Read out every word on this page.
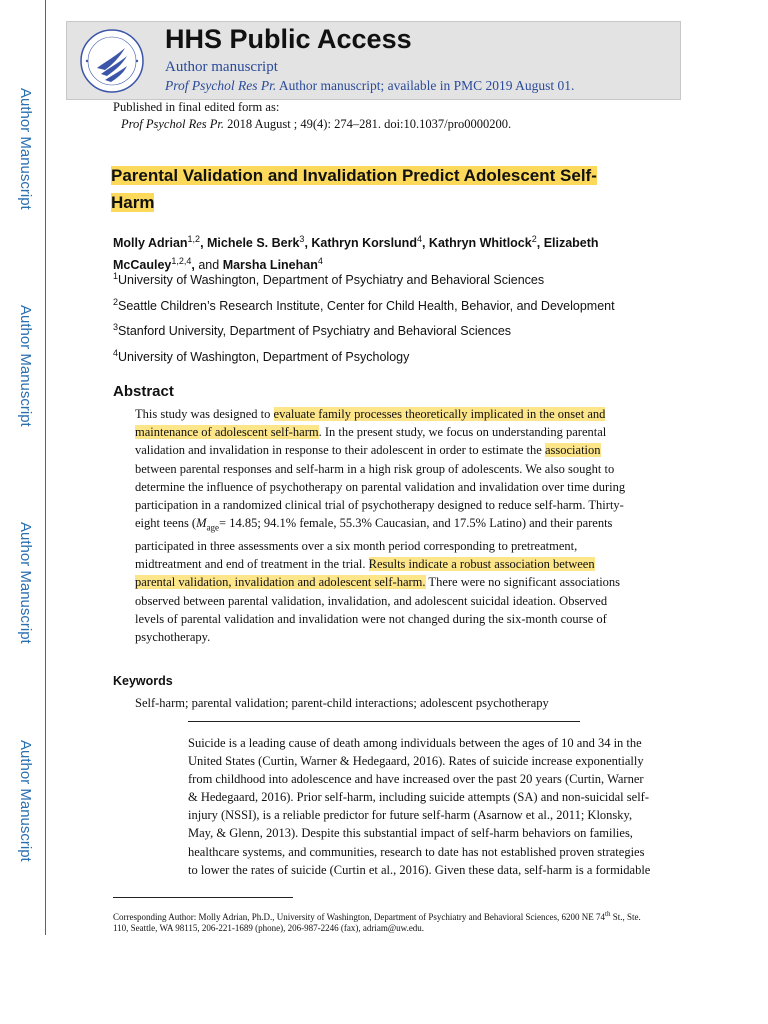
Author Manuscript
Author Manuscript
Author Manuscript
Author Manuscript
HHS Public Access
Author manuscript
Prof Psychol Res Pr. Author manuscript; available in PMC 2019 August 01.
Published in final edited form as:
Prof Psychol Res Pr. 2018 August ; 49(4): 274–281. doi:10.1037/pro0000200.
Parental Validation and Invalidation Predict Adolescent Self-Harm
Molly Adrian$^{1,2}$, Michele S. Berk$^3$, Kathryn Korslund$^4$, Kathryn Whitlock$^2$, Elizabeth McCauley$^{1,2,4}$, and Marsha Linehan$^4$
$^1$University of Washington, Department of Psychiatry and Behavioral Sciences
$^2$Seattle Children’s Research Institute, Center for Child Health, Behavior, and Development
$^3$Stanford University, Department of Psychiatry and Behavioral Sciences
$^4$University of Washington, Department of Psychology
Abstract
This study was designed to evaluate family processes theoretically implicated in the onset and maintenance of adolescent self-harm. In the present study, we focus on understanding parental validation and invalidation in response to their adolescent in order to estimate the association between parental responses and self-harm in a high risk group of adolescents. We also sought to determine the influence of psychotherapy on parental validation and invalidation over time during participation in a randomized clinical trial of psychotherapy designed to reduce self-harm. Thirty-eight teens ($M_{age}= 14.85$; 94.1% female, 55.3% Caucasian, and 17.5% Latino) and their parents participated in three assessments over a six month period corresponding to pretreatment, midtreatment and end of treatment in the trial. Results indicate a robust association between parental validation, invalidation and adolescent self-harm. There were no significant associations observed between parental validation, invalidation, and adolescent suicidal ideation. Observed levels of parental validation and invalidation were not changed during the six-month course of psychotherapy.
Keywords
Self-harm; parental validation; parent-child interactions; adolescent psychotherapy
Suicide is a leading cause of death among individuals between the ages of 10 and 34 in the United States (Curtin, Warner & Hedegaard, 2016). Rates of suicide increase exponentially from childhood into adolescence and have increased over the past 20 years (Curtin, Warner & Hedegaard, 2016). Prior self-harm, including suicide attempts (SA) and non-suicidal self-injury (NSSI), is a reliable predictor for future self-harm (Asarnow et al., 2011; Klonsky, May, & Glenn, 2013). Despite this substantial impact of self-harm behaviors on families, healthcare systems, and communities, research to date has not established proven strategies to lower the rates of suicide (Curtin et al., 2016). Given these data, self-harm is a formidable
Corresponding Author: Molly Adrian, Ph.D., University of Washington, Department of Psychiatry and Behavioral Sciences, 6200 NE 74th St., Ste. 110, Seattle, WA 98115, 206-221-1689 (phone), 206-987-2246 (fax), adriam@uw.edu.
